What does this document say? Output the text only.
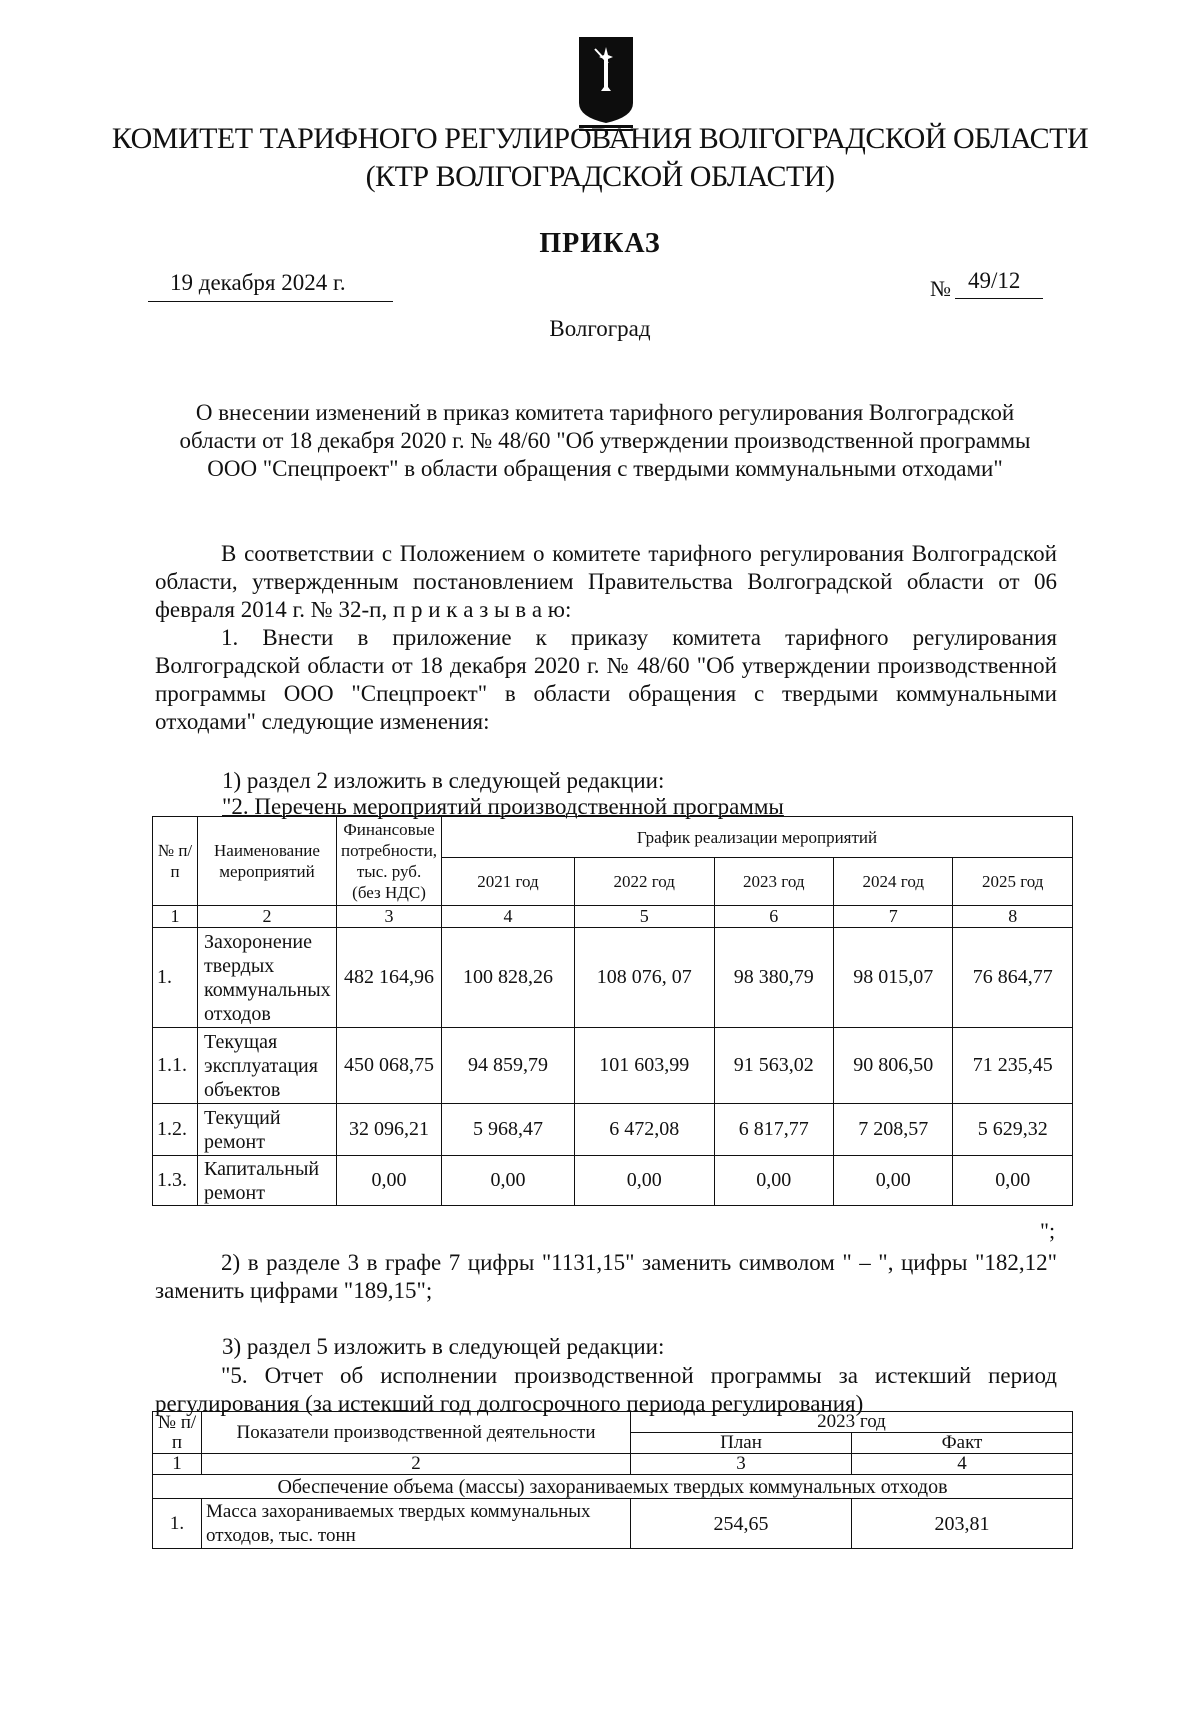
КОМИТЕТ ТАРИФНОГО РЕГУЛИРОВАНИЯ ВОЛГОГРАДСКОЙ ОБЛАСТИ
(КТР ВОЛГОГРАДСКОЙ ОБЛАСТИ)
ПРИКАЗ
19 декабря 2024 г.	№ 49/12
Волгоград
О внесении изменений в приказ комитета тарифного регулирования Волгоградской области от 18 декабря 2020 г. № 48/60 "Об утверждении производственной программы ООО "Спецпроект" в области обращения с твердыми коммунальными отходами"
В соответствии с Положением о комитете тарифного регулирования Волгоградской области, утвержденным постановлением Правительства Волгоградской области от 06 февраля 2014 г. № 32-п, п р и к а з ы в а ю:
1. Внести в приложение к приказу комитета тарифного регулирования Волгоградской области от 18 декабря 2020 г. № 48/60 "Об утверждении производственной программы ООО "Спецпроект" в области обращения с твердыми коммунальными отходами" следующие изменения:
1) раздел 2 изложить в следующей редакции:
"2. Перечень мероприятий производственной программы
№ п/п	Наименование мероприятий	Финансовые потребности, тыс. руб. (без НДС)	График реализации мероприятий				
			2021 год	2022 год	2023 год	2024 год	2025 год
1	2	3	4	5	6	7	8
1.	Захоронение твердых коммунальных отходов	482 164,96	100 828,26	108 076, 07	98 380,79	98 015,07	76 864,77
1.1.	Текущая эксплуатация объектов	450 068,75	94 859,79	101 603,99	91 563,02	90 806,50	71 235,45
1.2.	Текущий ремонт	32 096,21	5 968,47	6 472,08	6 817,77	7 208,57	5 629,32
1.3.	Капитальный ремонт	0,00	0,00	0,00	0,00	0,00	0,00
";
2) в разделе 3 в графе 7 цифры "1131,15" заменить символом " – ", цифры "182,12" заменить цифрами "189,15";
3) раздел 5 изложить в следующей редакции:
"5. Отчет об исполнении производственной программы за истекший период регулирования (за истекший год долгосрочного периода регулирования)
№ п/п	Показатели производственной деятельности	2023 год	
		План	Факт
1	2	3	4
Обеспечение объема (массы) захораниваемых твердых коммунальных отходов			
1.	Масса захораниваемых твердых коммунальных отходов, тыс. тонн	254,65	203,81
